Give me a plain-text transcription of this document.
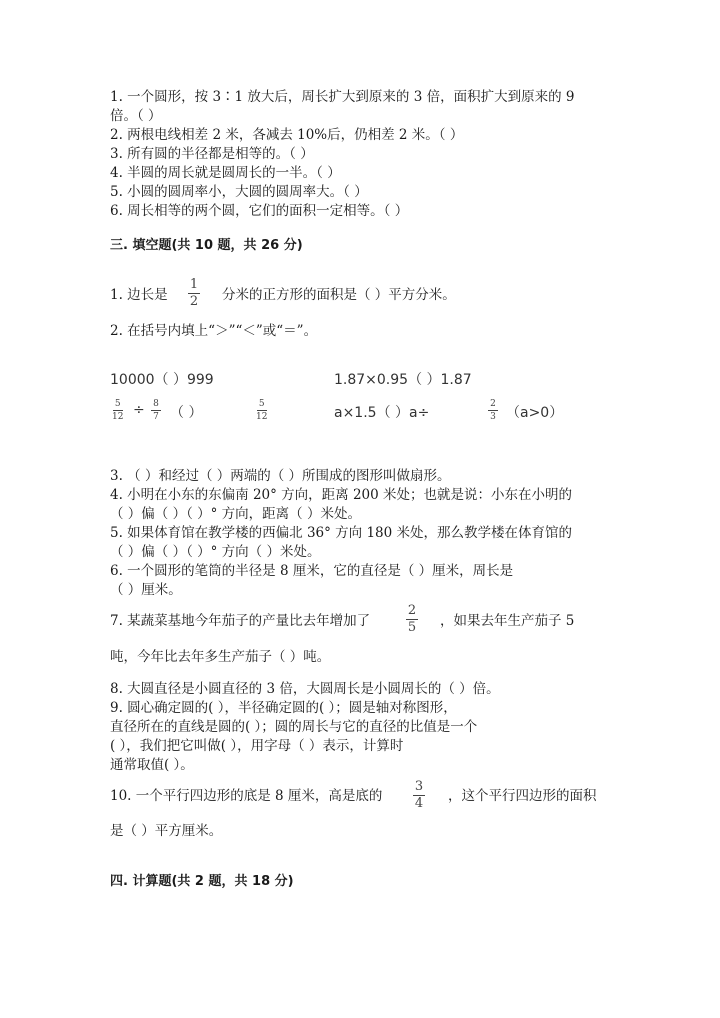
1. 一个圆形，按 3∶1 放大后，周长扩大到原来的 3 倍，面积扩大到原来的 9
倍。（ ）
2. 两根电线相差 2 米，各减去 10%后，仍相差 2 米。（ ）
3. 所有圆的半径都是相等的。（ ）
4. 半圆的周长就是圆周长的一半。（ ）
5. 小圆的圆周率小，大圆的圆周率大。（ ）
6. 周长相等的两个圆，它们的面积一定相等。（ ）
三. 填空题(共 10 题，共 26 分)
1. 边长是
1
2 分米的正方形的面积是（ ）平方分米。
2. 在括号内填上“＞”“＜”或“＝”。
10000（ ）999	1.87×0.95（ ）1.87
5
12 ÷ 8
7 （ ）
5
12	a×1.5（ ）a÷
2
3 （a>0）
3. （ ）和经过（ ）两端的（ ）所围成的图形叫做扇形。
4. 小明在小东的东偏南 20° 方向，距离 200 米处；也就是说：小东在小明的
（ ）偏（ ）（ ）° 方向，距离（ ）米处。
5. 如果体育馆在教学楼的西偏北 36° 方向 180 米处，那么教学楼在体育馆的
（ ）偏（ ）（ ）° 方向（ ）米处。
6. 一个圆形的笔筒的半径是 8 厘米，它的直径是（ ）厘米，周长是
（ ）厘米。
7. 某蔬菜基地今年茄子的产量比去年增加了
2
5 ，如果去年生产茄子 5
吨，今年比去年多生产茄子（ ）吨。
8. 大圆直径是小圆直径的 3 倍，大圆周长是小圆周长的（ ）倍。
9. 圆心确定圆的( ），半径确定圆的( ）；圆是轴对称图形，
直径所在的直线是圆的( ）；圆的周长与它的直径的比值是一个
( ），我们把它叫做( ），用字母（ ）表示，计算时
通常取值( ）。
10. 一个平行四边形的底是 8 厘米，高是底的
3
4 ，这个平行四边形的面积
是（ ）平方厘米。
四. 计算题(共 2 题，共 18 分)
